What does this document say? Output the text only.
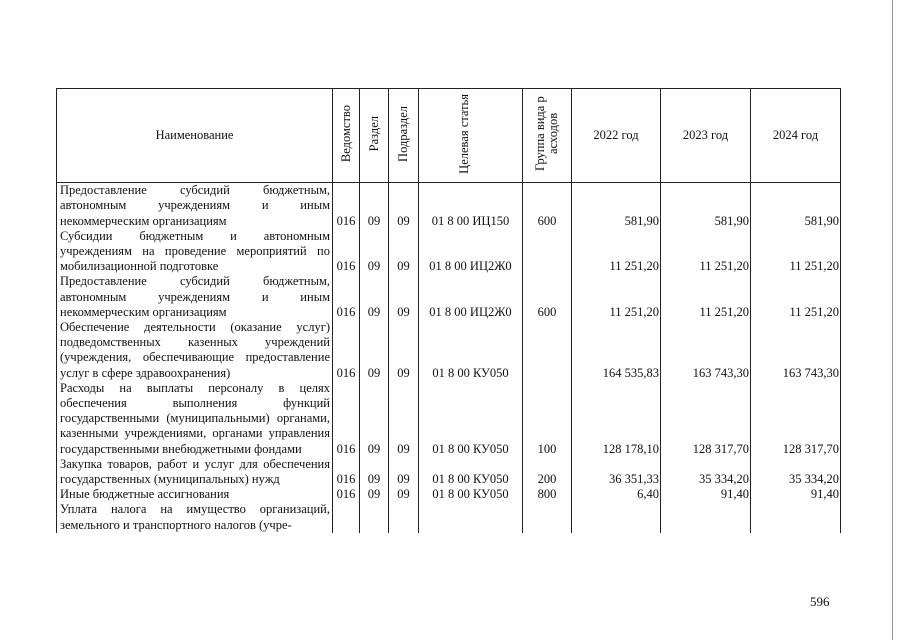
Наименование	Ведомство	Раздел	Подраздел	Целевая статья	Группа вида р асходов	2022 год	2023 год	2024 год
Предоставление субсидий бюджетным, автономным учреждениям и иным некоммерческим организациям	016	09	09	01 8 00 ИЦ150	600	581,90	581,90	581,90
Субсидии бюджетным и автономным учреждениям на проведение мероприятий по мобилизационной подготовке	016	09	09	01 8 00 ИЦ2Ж0		11 251,20	11 251,20	11 251,20
Предоставление субсидий бюджетным, автономным учреждениям и иным некоммерческим организациям	016	09	09	01 8 00 ИЦ2Ж0	600	11 251,20	11 251,20	11 251,20
Обеспечение деятельности (оказание услуг) подведомственных казенных учреждений (учреждения, обеспечивающие предоставление услуг в сфере здравоохранения)	016	09	09	01 8 00 КУ050		164 535,83	163 743,30	163 743,30
Расходы на выплаты персоналу в целях обеспечения выполнения функций государственными (муниципальными) органами, казенными учреждениями, органами управления государственными внебюджетными фондами	016	09	09	01 8 00 КУ050	100	128 178,10	128 317,70	128 317,70
Закупка товаров, работ и услуг для обеспечения государственных (муниципальных) нужд	016	09	09	01 8 00 КУ050	200	36 351,33	35 334,20	35 334,20
Иные бюджетные ассигнования	016	09	09	01 8 00 КУ050	800	6,40	91,40	91,40
Уплата налога на имущество организаций, земельного и транспортного налогов (учре-								
596
